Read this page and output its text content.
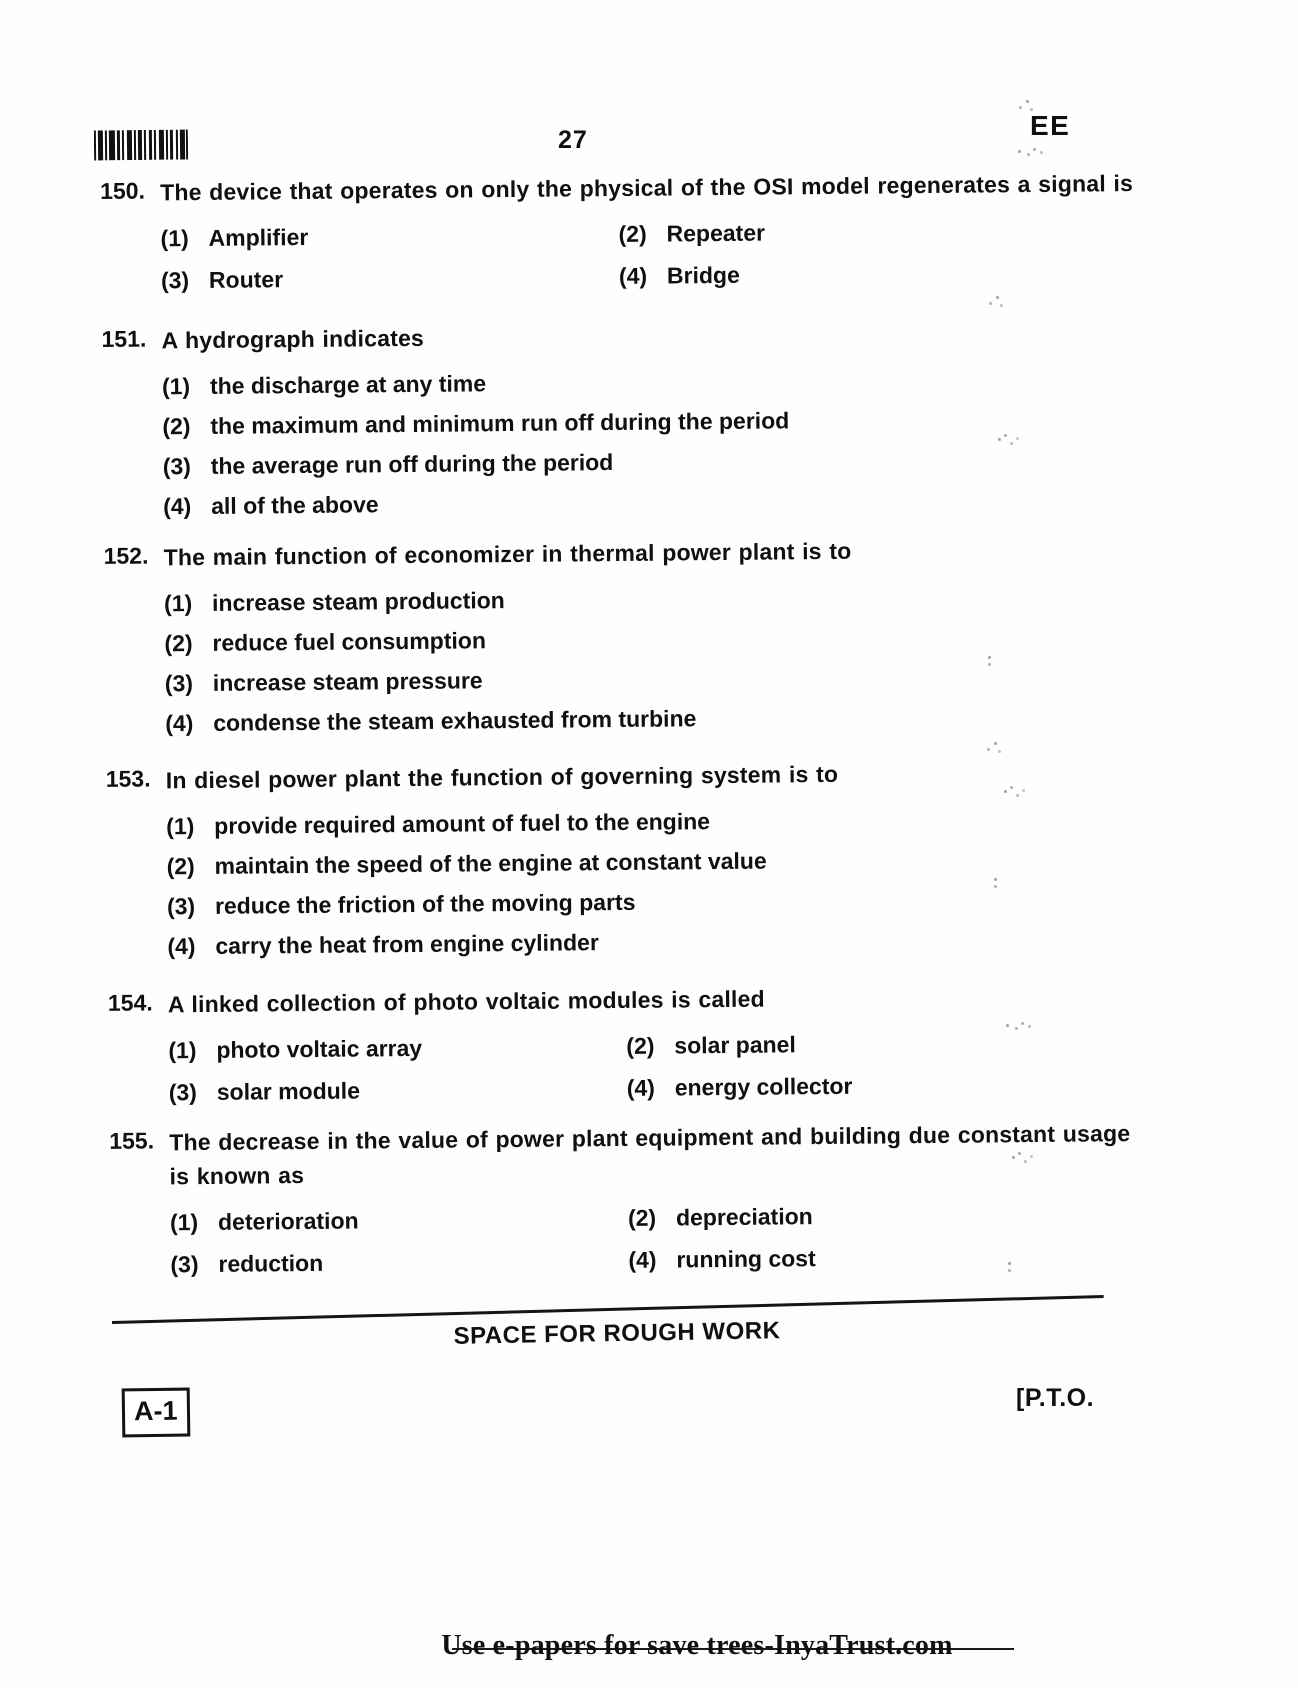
27	EE
150. The device that operates on only the physical of the OSI model regenerates a signal is
(1) Amplifier	(2) Repeater
(3) Router	(4) Bridge
151. A hydrograph indicates
(1) the discharge at any time
(2) the maximum and minimum run off during the period
(3) the average run off during the period
(4) all of the above
152. The main function of economizer in thermal power plant is to
(1) increase steam production
(2) reduce fuel consumption
(3) increase steam pressure
(4) condense the steam exhausted from turbine
153. In diesel power plant the function of governing system is to
(1) provide required amount of fuel to the engine
(2) maintain the speed of the engine at constant value
(3) reduce the friction of the moving parts
(4) carry the heat from engine cylinder
154. A linked collection of photo voltaic modules is called
(1) photo voltaic array	(2) solar panel
(3) solar module	(4) energy collector
155. The decrease in the value of power plant equipment and building due constant usage
is known as
(1) deterioration	(2) depreciation
(3) reduction	(4) running cost
SPACE FOR ROUGH WORK
A-1	[P.T.O.
Use e-papers for save trees-InyaTrust.com
